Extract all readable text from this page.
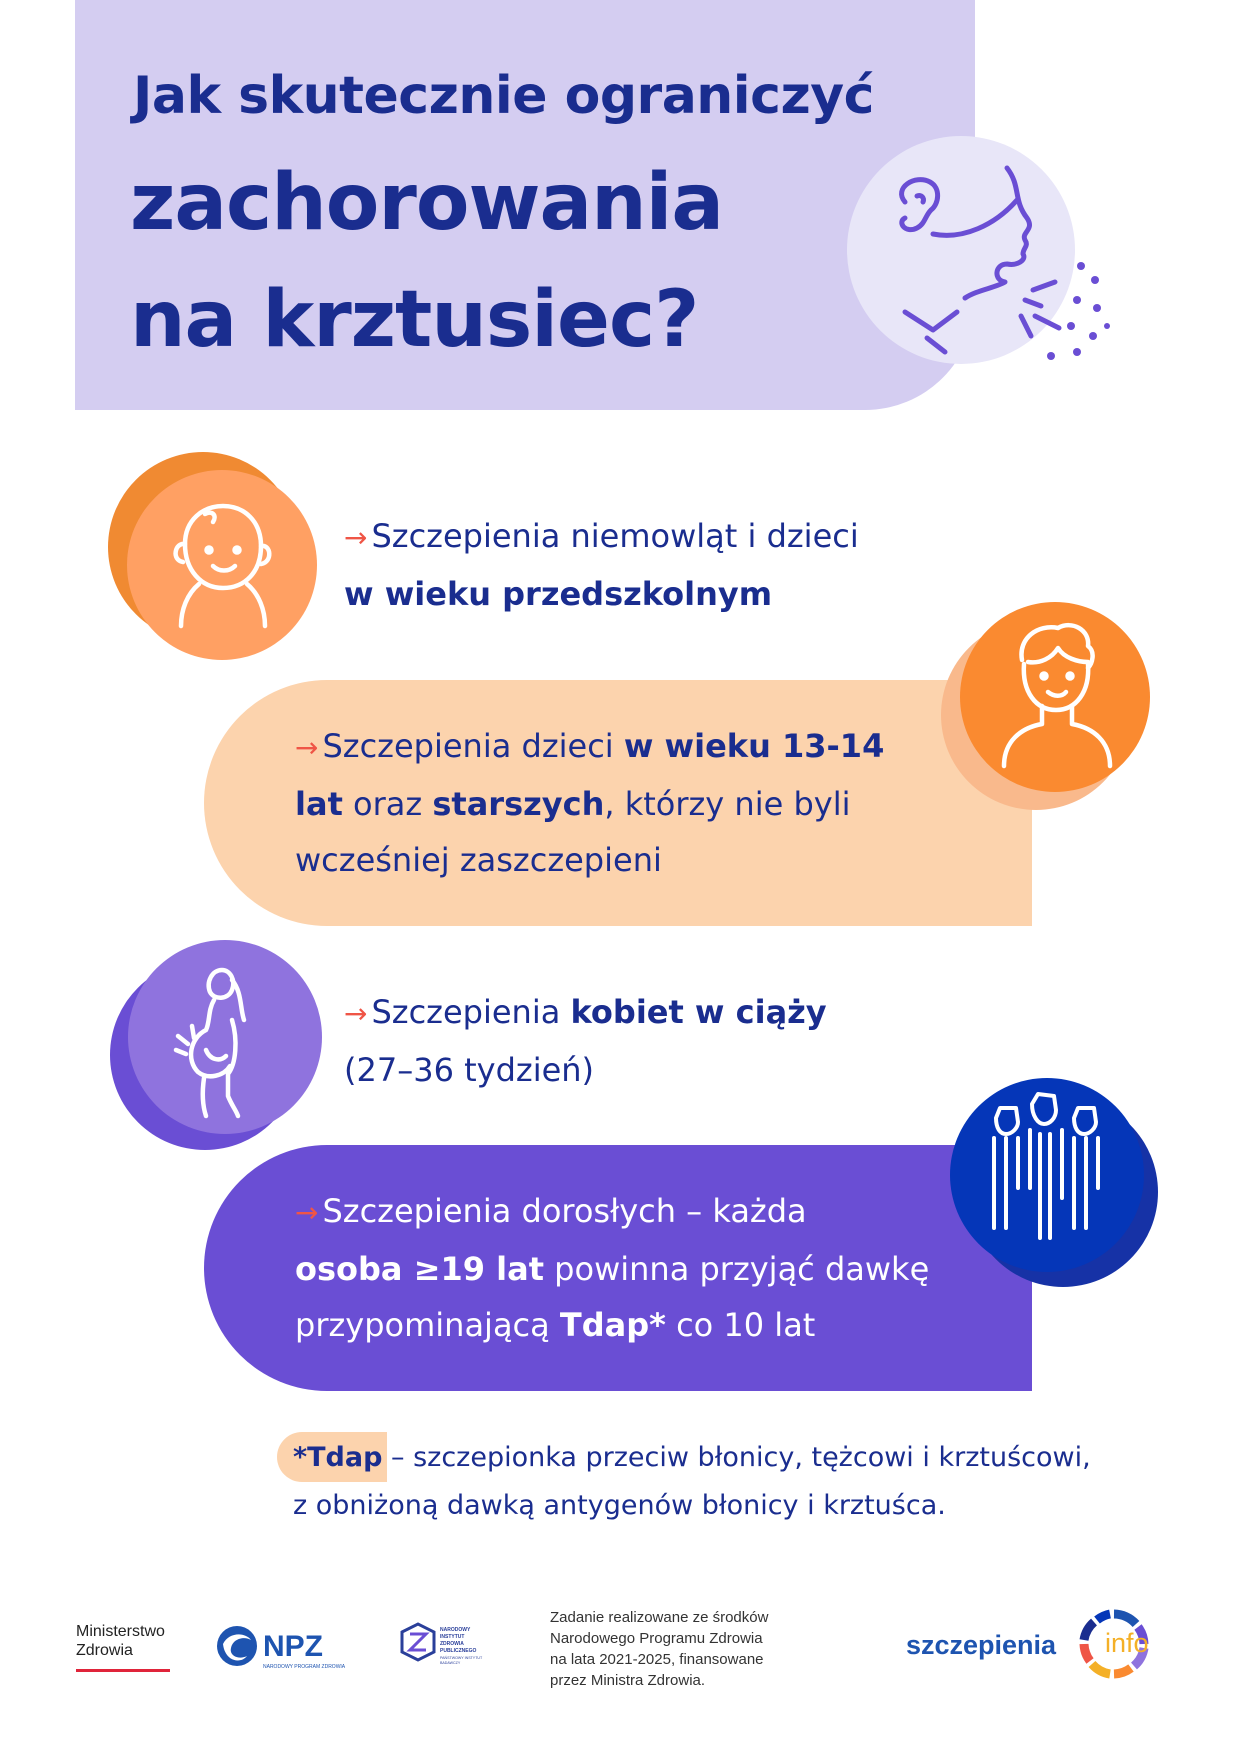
Jak skutecznie ograniczyć
zachorowania
na krztusiec?
→ Szczepienia niemowląt i dzieci
w wieku przedszkolnym
→ Szczepienia dzieci w wieku 13-14
lat oraz starszych, którzy nie byli
wcześniej zaszczepieni
→ Szczepienia kobiet w ciąży
(27–36 tydzień)
→ Szczepienia dorosłych – każda
osoba ≥19 lat powinna przyjąć dawkę
przypominającą Tdap* co 10 lat
*Tdap – szczepionka przeciw błonicy, tężcowi i krztuścowi,
z obniżoną dawką antygenów błonicy i krztuśca.
Ministerstwo
Zdrowia	NPZ
NARODOWY PROGRAM ZDROWIA
NARODOWY
INSTYTUT
ZDROWIA
PUBLICZNEGO
PAŃSTWOWY INSTYTUT
BADAWCZY
Zadanie realizowane ze środków
Narodowego Programu Zdrowia
na lata 2021-2025, finansowane
przez Ministra Zdrowia.
szczepienia info
